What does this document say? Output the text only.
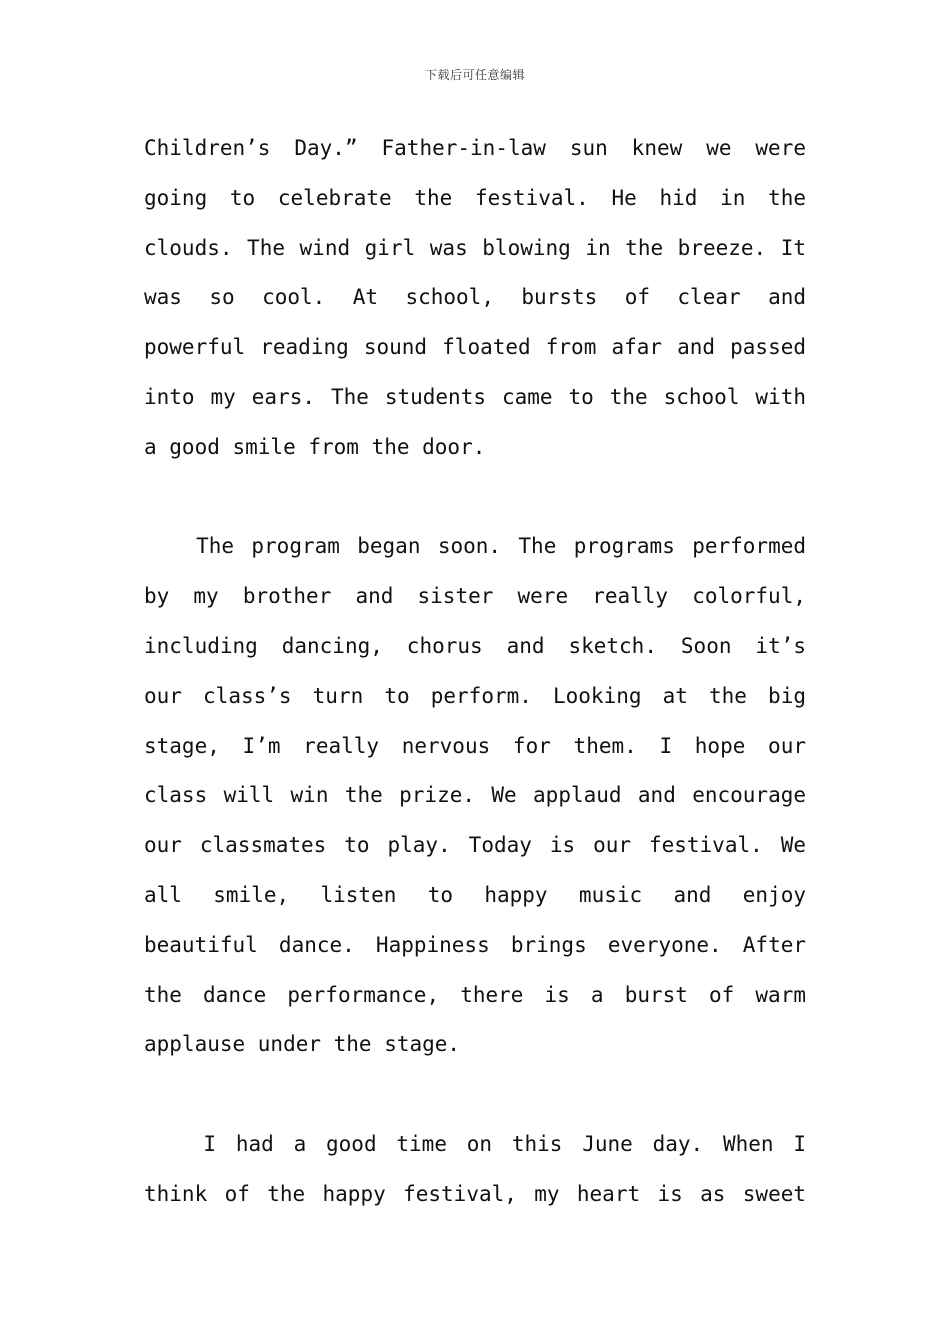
下载后可任意编辑
Children’s Day.” Father-in-law sun knew we were
going to celebrate the festival. He hid in the
clouds. The wind girl was blowing in the breeze. It
was so cool. At school, bursts of clear and
powerful reading sound floated from afar and passed
into my ears. The students came to the school with
a good smile from the door.
The program began soon. The programs performed
by my brother and sister were really colorful,
including dancing, chorus and sketch. Soon it’s
our class’s turn to perform. Looking at the big
stage, I’m really nervous for them. I hope our
class will win the prize. We applaud and encourage
our classmates to play. Today is our festival. We
all smile, listen to happy music and enjoy
beautiful dance. Happiness brings everyone. After
the dance performance, there is a burst of warm
applause under the stage.
I had a good time on this June day. When I
think of the happy festival, my heart is as sweet
